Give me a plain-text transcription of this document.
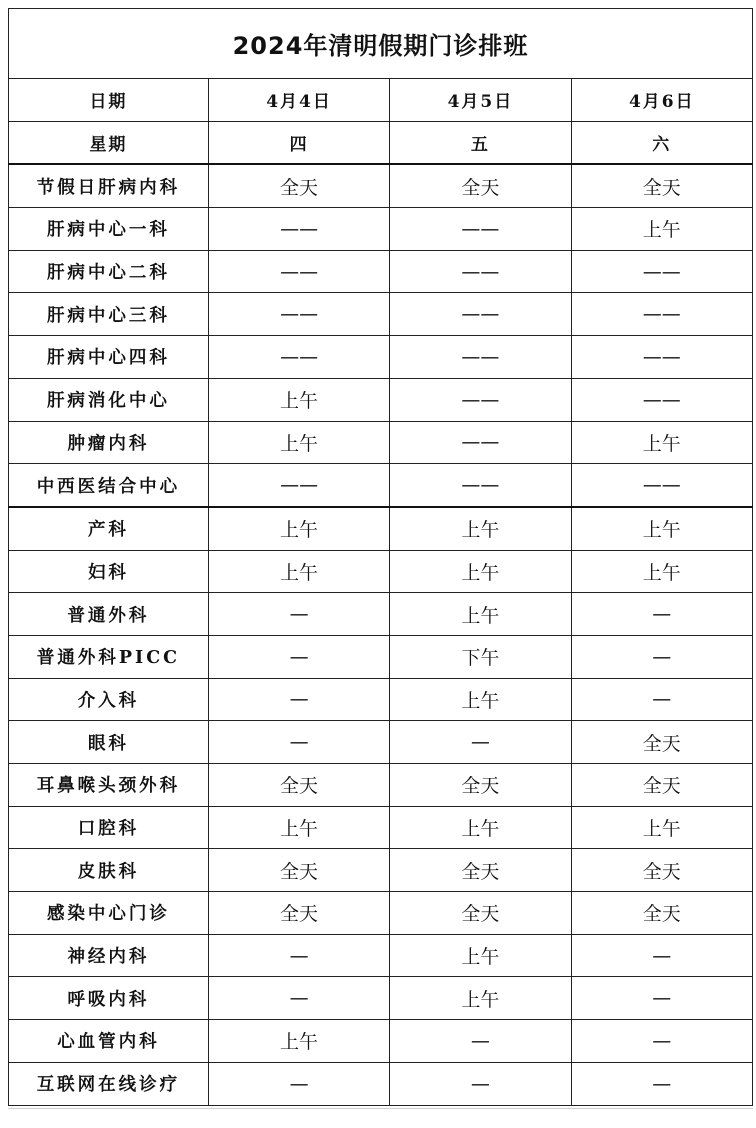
2024年清明假期门诊排班			
日期	4月4日	4月5日	4月6日
星期	四	五	六
节假日肝病内科	全天	全天	全天
肝病中心一科	——	——	上午
肝病中心二科	——	——	——
肝病中心三科	——	——	——
肝病中心四科	——	——	——
肝病消化中心	上午	——	——
肿瘤内科	上午	——	上午
中西医结合中心	——	——	——
产科	上午	上午	上午
妇科	上午	上午	上午
普通外科	—	上午	—
普通外科PICC	—	下午	—
介入科	—	上午	—
眼科	—	—	全天
耳鼻喉头颈外科	全天	全天	全天
口腔科	上午	上午	上午
皮肤科	全天	全天	全天
感染中心门诊	全天	全天	全天
神经内科	—	上午	—
呼吸内科	—	上午	—
心血管内科	上午	—	—
互联网在线诊疗	—	—	—
